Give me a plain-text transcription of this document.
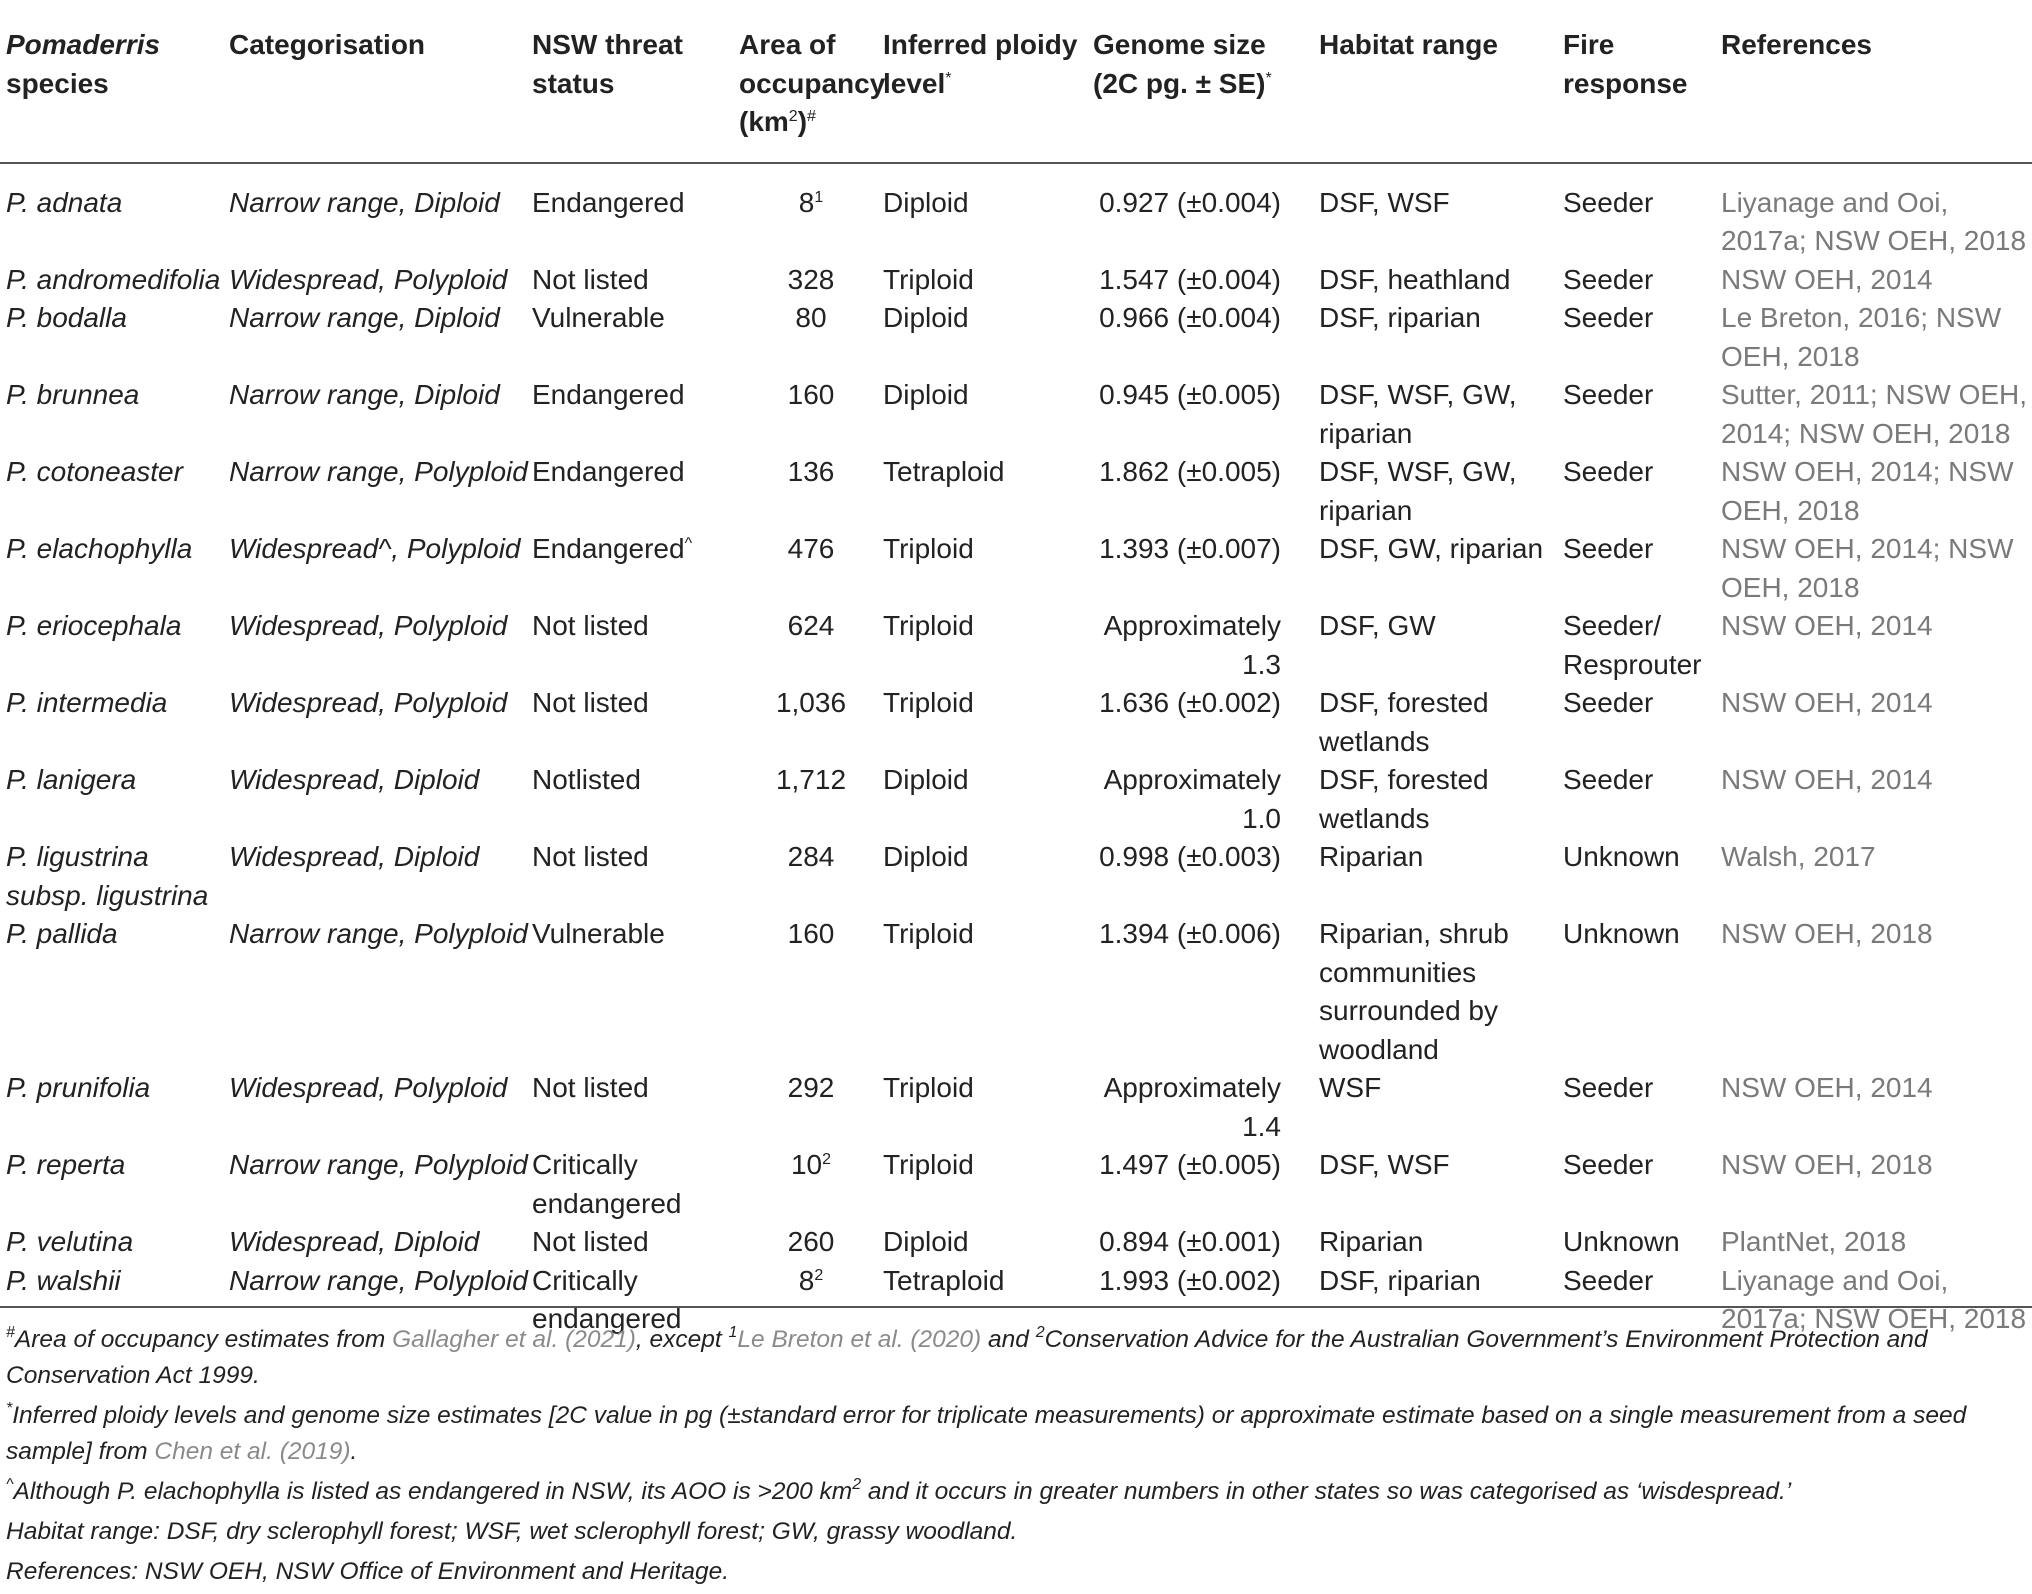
Pomaderris
species	Categorisation	NSW threat status	Area of occupancy $(km^2)^{\#}$	Inferred ploidy level*	Genome size (2C pg. ± SE)*	Habitat range	Fire response	References
P. adnata	Narrow range, Diploid	Endangered	$8^1$	Diploid	0.927 (±0.004)	DSF, WSF	Seeder	Liyanage and Ooi, 2017a; NSW OEH, 2018
P. andromedifolia	Widespread, Polyploid	Not listed	328	Triploid	1.547 (±0.004)	DSF, heathland	Seeder	NSW OEH, 2014
P. bodalla	Narrow range, Diploid	Vulnerable	80	Diploid	0.966 (±0.004)	DSF, riparian	Seeder	Le Breton, 2016; NSW OEH, 2018
P. brunnea	Narrow range, Diploid	Endangered	160	Diploid	0.945 (±0.005)	DSF, WSF, GW, riparian	Seeder	Sutter, 2011; NSW OEH, 2014; NSW OEH, 2018
P. cotoneaster	Narrow range, Polyploid	Endangered	136	Tetraploid	1.862 (±0.005)	DSF, WSF, GW, riparian	Seeder	NSW OEH, 2014; NSW OEH, 2018
P. elachophylla	Widespread^, Polyploid	Endangered^	476	Triploid	1.393 (±0.007)	DSF, GW, riparian	Seeder	NSW OEH, 2014; NSW OEH, 2018
P. eriocephala	Widespread, Polyploid	Not listed	624	Triploid	Approximately 1.3	DSF, GW	Seeder/ Resprouter	NSW OEH, 2014
P. intermedia	Widespread, Polyploid	Not listed	1,036	Triploid	1.636 (±0.002)	DSF, forested wetlands	Seeder	NSW OEH, 2014
P. lanigera	Widespread, Diploid	Notlisted	1,712	Diploid	Approximately 1.0	DSF, forested wetlands	Seeder	NSW OEH, 2014
P. ligustrina
subsp. ligustrina	Widespread, Diploid	Not listed	284	Diploid	0.998 (±0.003)	Riparian	Unknown	Walsh, 2017
P. pallida	Narrow range, Polyploid	Vulnerable	160	Triploid	1.394 (±0.006)	Riparian, shrub communities surrounded by woodland	Unknown	NSW OEH, 2018
P. prunifolia	Widespread, Polyploid	Not listed	292	Triploid	Approximately 1.4	WSF	Seeder	NSW OEH, 2014
P. reperta	Narrow range, Polyploid	Critically endangered	$10^2$	Triploid	1.497 (±0.005)	DSF, WSF	Seeder	NSW OEH, 2018
P. velutina	Widespread, Diploid	Not listed	260	Diploid	0.894 (±0.001)	Riparian	Unknown	PlantNet, 2018
P. walshii	Narrow range, Polyploid	Critically endangered	$8^2$	Tetraploid	1.993 (±0.002)	DSF, riparian	Seeder	Liyanage and Ooi, 2017a; NSW OEH, 2018

#Area of occupancy estimates from Gallagher et al. (2021), except $^1$Le Breton et al. (2020) and $^2$Conservation Advice for the Australian Government’s Environment Protection and Conservation Act 1999.

*Inferred ploidy levels and genome size estimates [2C value in pg (±standard error for triplicate measurements) or approximate estimate based on a single measurement from a seed sample] from Chen et al. (2019).

^Although P. elachophylla is listed as endangered in NSW, its AOO is >200 $km^2$ and it occurs in greater numbers in other states so was categorised as ‘wisdespread.’

Habitat range: DSF, dry sclerophyll forest; WSF, wet sclerophyll forest; GW, grassy woodland.

References: NSW OEH, NSW Office of Environment and Heritage.
